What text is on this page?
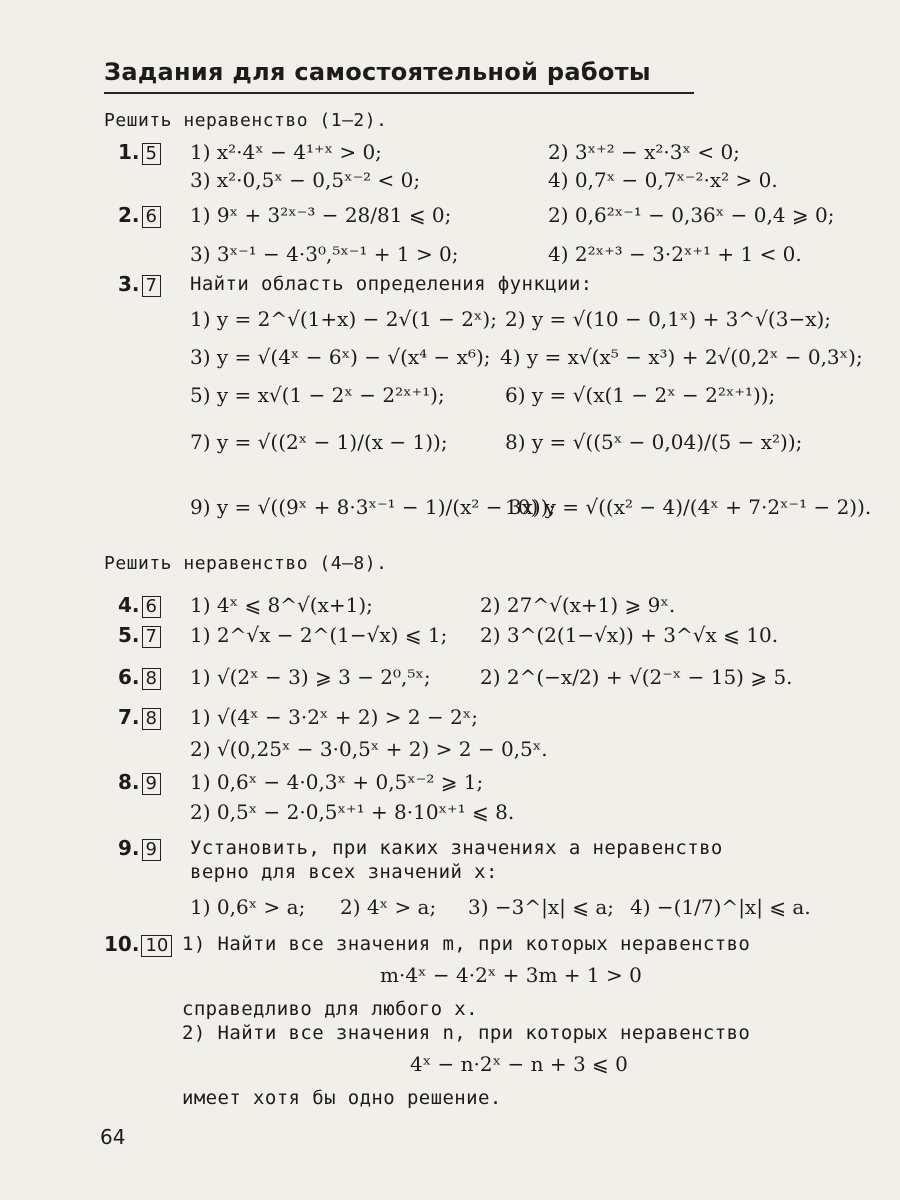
Задания для самостоятельной работы
Решить неравенство (1—2).
1. 5 1) x²·4ˣ − 4¹⁺ˣ > 0;	2) 3ˣ⁺² − x²·3ˣ < 0;
3) x²·0,5ˣ − 0,5ˣ⁻² < 0;	4) 0,7ˣ − 0,7ˣ⁻²·x² > 0.
2. 6 1) 9ˣ + 3²ˣ⁻³ − 28/81 ⩽ 0;	2) 0,6²ˣ⁻¹ − 0,36ˣ − 0,4 ⩾ 0;
3) 3ˣ⁻¹ − 4·3⁰,⁵ˣ⁻¹ + 1 > 0;	4) 2²ˣ⁺³ − 3·2ˣ⁺¹ + 1 < 0.
3. 7 Найти область определения функции:
1) y = 2^√(1+x) − 2√(1 − 2ˣ); 2) y = √(10 − 0,1ˣ) + 3^√(3−x);
3) y = √(4ˣ − 6ˣ) − √(x⁴ − x⁶); 4) y = x√(x⁵ − x³) + 2√(0,2ˣ − 0,3ˣ);
5) y = x√(1 − 2ˣ − 2²ˣ⁺¹);	6) y = √(x(1 − 2ˣ − 2²ˣ⁺¹));
7) y = √((2ˣ − 1)/(x − 1));	8) y = √((5ˣ − 0,04)/(5 − x²));
9) y = √((9ˣ + 8·3ˣ⁻¹ − 1)/(x² − 3x));
10) y = √((x² − 4)/(4ˣ + 7·2ˣ⁻¹ − 2)).
Решить неравенство (4—8).
4. 6 1) 4ˣ ⩽ 8^√(x+1);	2) 27^√(x+1) ⩾ 9ˣ.
5. 7 1) 2^√x − 2^(1−√x) ⩽ 1; 2) 3^(2(1−√x)) + 3^√x ⩽ 10.
6. 8 1) √(2ˣ − 3) ⩾ 3 − 2⁰,⁵ˣ; 2) 2^(−x/2) + √(2⁻ˣ − 15) ⩾ 5.
7. 8 1) √(4ˣ − 3·2ˣ + 2) > 2 − 2ˣ;
2) √(0,25ˣ − 3·0,5ˣ + 2) > 2 − 0,5ˣ.
8. 9 1) 0,6ˣ − 4·0,3ˣ + 0,5ˣ⁻² ⩾ 1;
2) 0,5ˣ − 2·0,5ˣ⁺¹ + 8·10ˣ⁺¹ ⩽ 8.
9. 9 Установить, при каких значениях a неравенство
верно для всех значений x:
1) 0,6ˣ > a; 2) 4ˣ > a; 3) −3^|x| ⩽ a; 4) −(1/7)^|x| ⩽ a.
10. 10 1) Найти все значения m, при которых неравенство
m·4ˣ − 4·2ˣ + 3m + 1 > 0
справедливо для любого x.
2) Найти все значения n, при которых неравенство
4ˣ − n·2ˣ − n + 3 ⩽ 0
имеет хотя бы одно решение.
64
